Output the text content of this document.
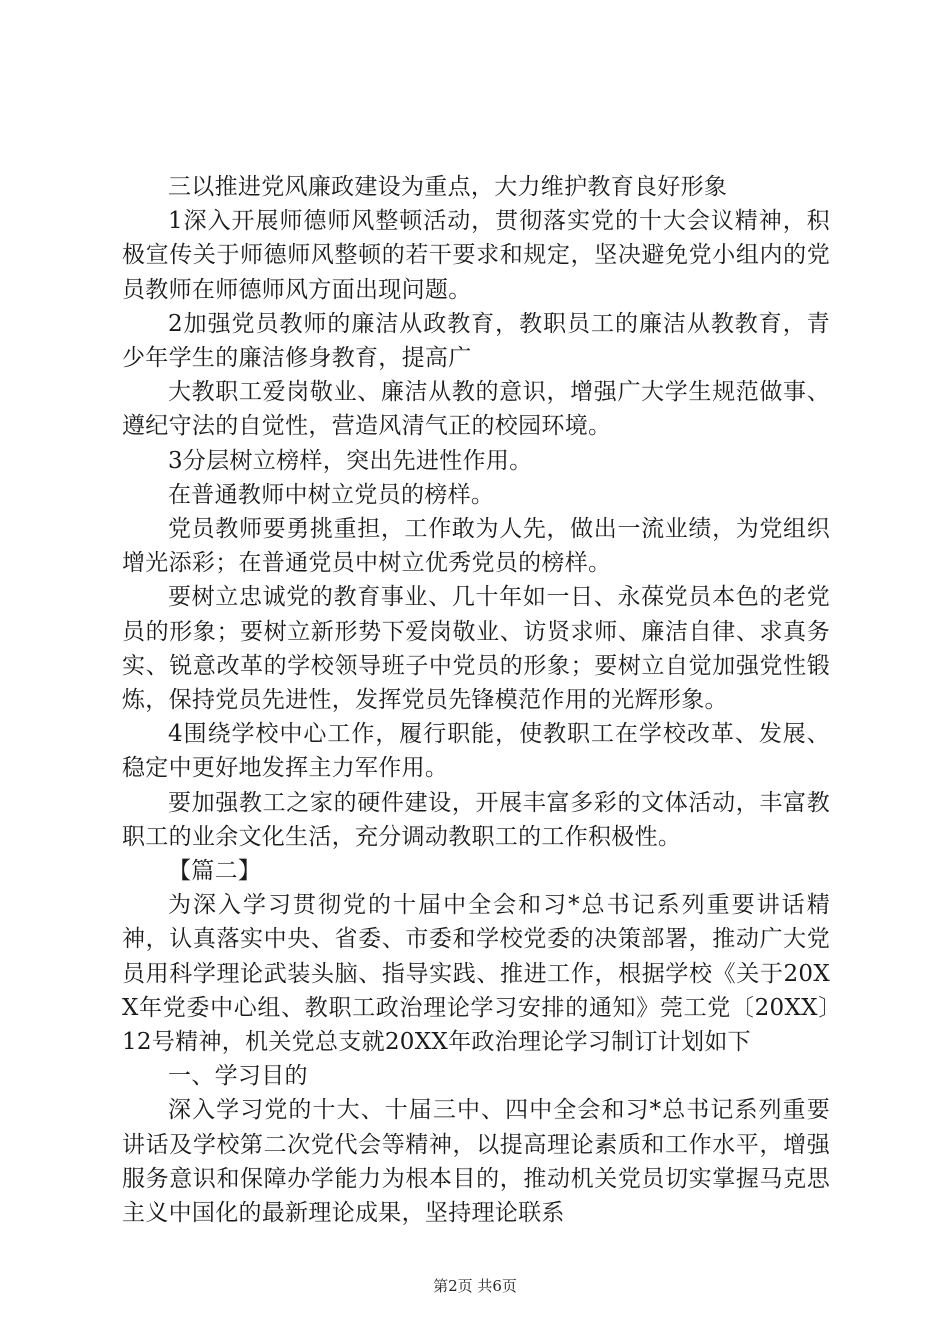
三以推进党风廉政建设为重点，大力维护教育良好形象

1深入开展师德师风整顿活动，贯彻落实党的十大会议精神，积极宣传关于师德师风整顿的若干要求和规定，坚决避免党小组内的党员教师在师德师风方面出现问题。

2加强党员教师的廉洁从政教育，教职员工的廉洁从教教育，青少年学生的廉洁修身教育，提高广

大教职工爱岗敬业、廉洁从教的意识，增强广大学生规范做事、遵纪守法的自觉性，营造风清气正的校园环境。

3分层树立榜样，突出先进性作用。

在普通教师中树立党员的榜样。

党员教师要勇挑重担，工作敢为人先，做出一流业绩，为党组织增光添彩；在普通党员中树立优秀党员的榜样。

要树立忠诚党的教育事业、几十年如一日、永葆党员本色的老党员的形象；要树立新形势下爱岗敬业、访贤求师、廉洁自律、求真务实、锐意改革的学校领导班子中党员的形象；要树立自觉加强党性锻炼，保持党员先进性，发挥党员先锋模范作用的光辉形象。

4围绕学校中心工作，履行职能，使教职工在学校改革、发展、稳定中更好地发挥主力军作用。

要加强教工之家的硬件建设，开展丰富多彩的文体活动，丰富教职工的业余文化生活，充分调动教职工的工作积极性。

【篇二】

为深入学习贯彻党的十届中全会和习*总书记系列重要讲话精神，认真落实中央、省委、市委和学校党委的决策部署，推动广大党员用科学理论武装头脑、指导实践、推进工作，根据学校《关于20XX年党委中心组、教职工政治理论学习安排的通知》莞工党〔20XX〕12号精神，机关党总支就20XX年政治理论学习制订计划如下

一、学习目的

深入学习党的十大、十届三中、四中全会和习*总书记系列重要讲话及学校第二次党代会等精神，以提高理论素质和工作水平，增强服务意识和保障办学能力为根本目的，推动机关党员切实掌握马克思主义中国化的最新理论成果，坚持理论联系

第2页 共6页
